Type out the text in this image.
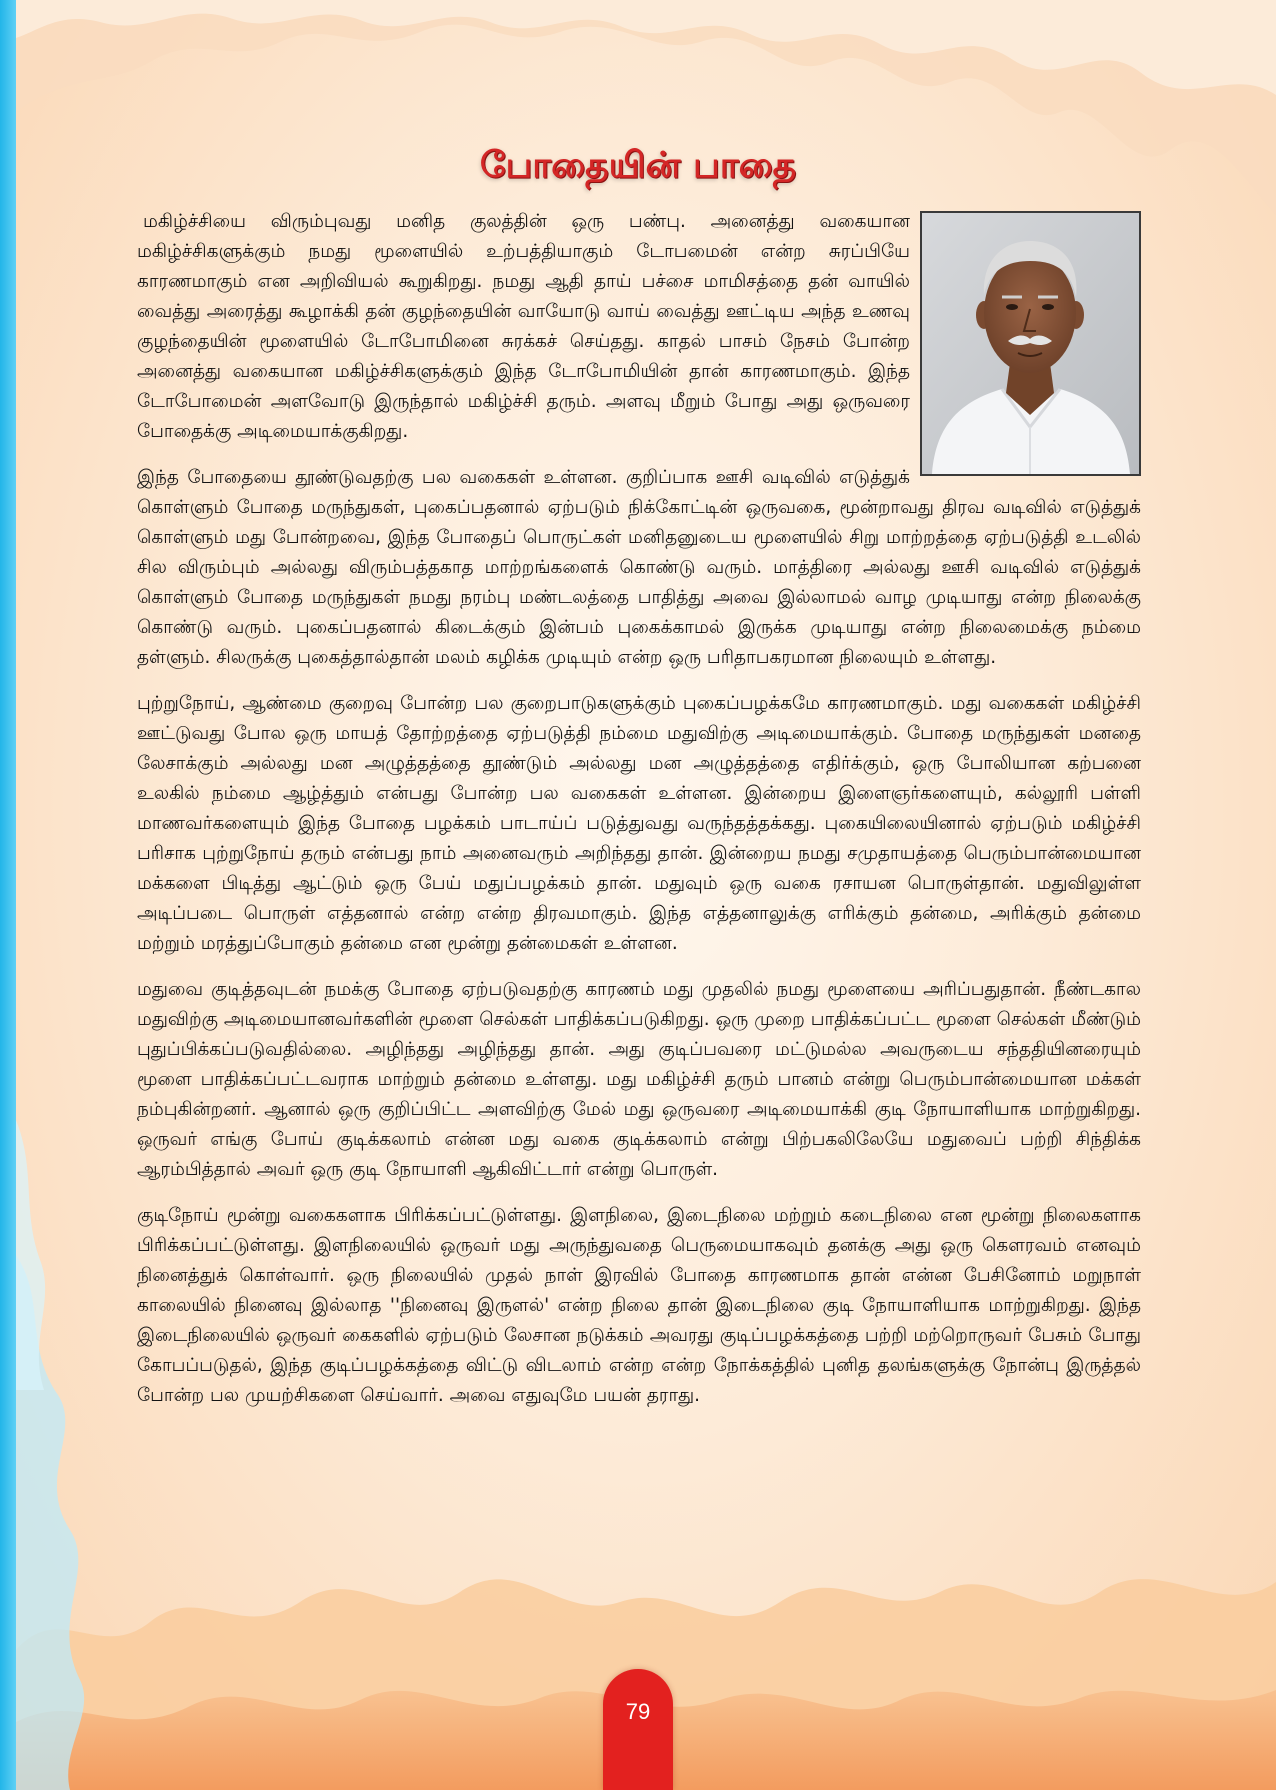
போதையின் பாதை

மகிழ்ச்சியை விரும்புவது மனித குலத்தின் ஒரு பண்பு. அனைத்து வகையான மகிழ்ச்சிகளுக்கும் நமது மூளையில் உற்பத்தியாகும் டோபமைன் என்ற சுரப்பியே காரணமாகும் என அறிவியல் கூறுகிறது. நமது ஆதி தாய் பச்சை மாமிசத்தை தன் வாயில் வைத்து அரைத்து கூழாக்கி தன் குழந்தையின் வாயோடு வாய் வைத்து ஊட்டிய அந்த உணவு குழந்தையின் மூளையில் டோபோமினை சுரக்கச் செய்தது. காதல் பாசம் நேசம் போன்ற அனைத்து வகையான மகிழ்ச்சிகளுக்கும் இந்த டோபோமியின் தான் காரணமாகும். இந்த டோபோமைன் அளவோடு இருந்தால் மகிழ்ச்சி தரும். அளவு மீறும் போது அது ஒருவரை போதைக்கு அடிமையாக்குகிறது.

இந்த போதையை தூண்டுவதற்கு பல வகைகள் உள்ளன. குறிப்பாக ஊசி வடிவில் எடுத்துக் கொள்ளும் போதை மருந்துகள், புகைப்பதனால் ஏற்படும் நிக்கோட்டின் ஒருவகை, மூன்றாவது திரவ வடிவில் எடுத்துக் கொள்ளும் மது போன்றவை, இந்த போதைப் பொருட்கள் மனிதனுடைய மூளையில் சிறு மாற்றத்தை ஏற்படுத்தி உடலில் சில விரும்பும் அல்லது விரும்பத்தகாத மாற்றங்களைக் கொண்டு வரும். மாத்திரை அல்லது ஊசி வடிவில் எடுத்துக் கொள்ளும் போதை மருந்துகள் நமது நரம்பு மண்டலத்தை பாதித்து அவை இல்லாமல் வாழ முடியாது என்ற நிலைக்கு கொண்டு வரும். புகைப்பதனால் கிடைக்கும் இன்பம் புகைக்காமல் இருக்க முடியாது என்ற நிலைமைக்கு நம்மை தள்ளும். சிலருக்கு புகைத்தால்தான் மலம் கழிக்க முடியும் என்ற ஒரு பரிதாபகரமான நிலையும் உள்ளது.

புற்றுநோய், ஆண்மை குறைவு போன்ற பல குறைபாடுகளுக்கும் புகைப்பழக்கமே காரணமாகும். மது வகைகள் மகிழ்ச்சி ஊட்டுவது போல ஒரு மாயத் தோற்றத்தை ஏற்படுத்தி நம்மை மதுவிற்கு அடிமையாக்கும். போதை மருந்துகள் மனதை லேசாக்கும் அல்லது மன அழுத்தத்தை தூண்டும் அல்லது மன அழுத்தத்தை எதிர்க்கும், ஒரு போலியான கற்பனை உலகில் நம்மை ஆழ்த்தும் என்பது போன்ற பல வகைகள் உள்ளன. இன்றைய இளைஞர்களையும், கல்லூரி பள்ளி மாணவர்களையும் இந்த போதை பழக்கம் பாடாய்ப் படுத்துவது வருந்தத்தக்கது. புகையிலையினால் ஏற்படும் மகிழ்ச்சி பரிசாக புற்றுநோய் தரும் என்பது நாம் அனைவரும் அறிந்தது தான். இன்றைய நமது சமுதாயத்தை பெரும்பான்மையான மக்களை பிடித்து ஆட்டும் ஒரு பேய் மதுப்பழக்கம் தான். மதுவும் ஒரு வகை ரசாயன பொருள்தான். மதுவிலுள்ள அடிப்படை பொருள் எத்தனால் என்ற என்ற திரவமாகும். இந்த எத்தனாலுக்கு எரிக்கும் தன்மை, அரிக்கும் தன்மை மற்றும் மரத்துப்போகும் தன்மை என மூன்று தன்மைகள் உள்ளன.

மதுவை குடித்தவுடன் நமக்கு போதை ஏற்படுவதற்கு காரணம் மது முதலில் நமது மூளையை அரிப்பதுதான். நீண்டகால மதுவிற்கு அடிமையானவர்களின் மூளை செல்கள் பாதிக்கப்படுகிறது. ஒரு முறை பாதிக்கப்பட்ட மூளை செல்கள் மீண்டும் புதுப்பிக்கப்படுவதில்லை. அழிந்தது அழிந்தது தான். அது குடிப்பவரை மட்டுமல்ல அவருடைய சந்ததியினரையும் மூளை பாதிக்கப்பட்டவராக மாற்றும் தன்மை உள்ளது. மது மகிழ்ச்சி தரும் பானம் என்று பெரும்பான்மையான மக்கள் நம்புகின்றனர். ஆனால் ஒரு குறிப்பிட்ட அளவிற்கு மேல் மது ஒருவரை அடிமையாக்கி குடி நோயாளியாக மாற்றுகிறது. ஒருவர் எங்கு போய் குடிக்கலாம் என்ன மது வகை குடிக்கலாம் என்று பிற்பகலிலேயே மதுவைப் பற்றி சிந்திக்க ஆரம்பித்தால் அவர் ஒரு குடி நோயாளி ஆகிவிட்டார் என்று பொருள்.

குடிநோய் மூன்று வகைகளாக பிரிக்கப்பட்டுள்ளது. இளநிலை, இடைநிலை மற்றும் கடைநிலை என மூன்று நிலைகளாக பிரிக்கப்பட்டுள்ளது. இளநிலையில் ஒருவர் மது அருந்துவதை பெருமையாகவும் தனக்கு அது ஒரு கௌரவம் எனவும் நினைத்துக் கொள்வார். ஒரு நிலையில் முதல் நாள் இரவில் போதை காரணமாக தான் என்ன பேசினோம் மறுநாள் காலையில் நினைவு இல்லாத ''நினைவு இருளல்' என்ற நிலை தான் இடைநிலை குடி நோயாளியாக மாற்றுகிறது. இந்த இடைநிலையில் ஒருவர் கைகளில் ஏற்படும் லேசான நடுக்கம் அவரது குடிப்பழக்கத்தை பற்றி மற்றொருவர் பேசும் போது கோபப்படுதல், இந்த குடிப்பழக்கத்தை விட்டு விடலாம் என்ற என்ற நோக்கத்தில் புனித தலங்களுக்கு நோன்பு இருத்தல் போன்ற பல முயற்சிகளை செய்வார். அவை எதுவுமே பயன் தராது.

79
